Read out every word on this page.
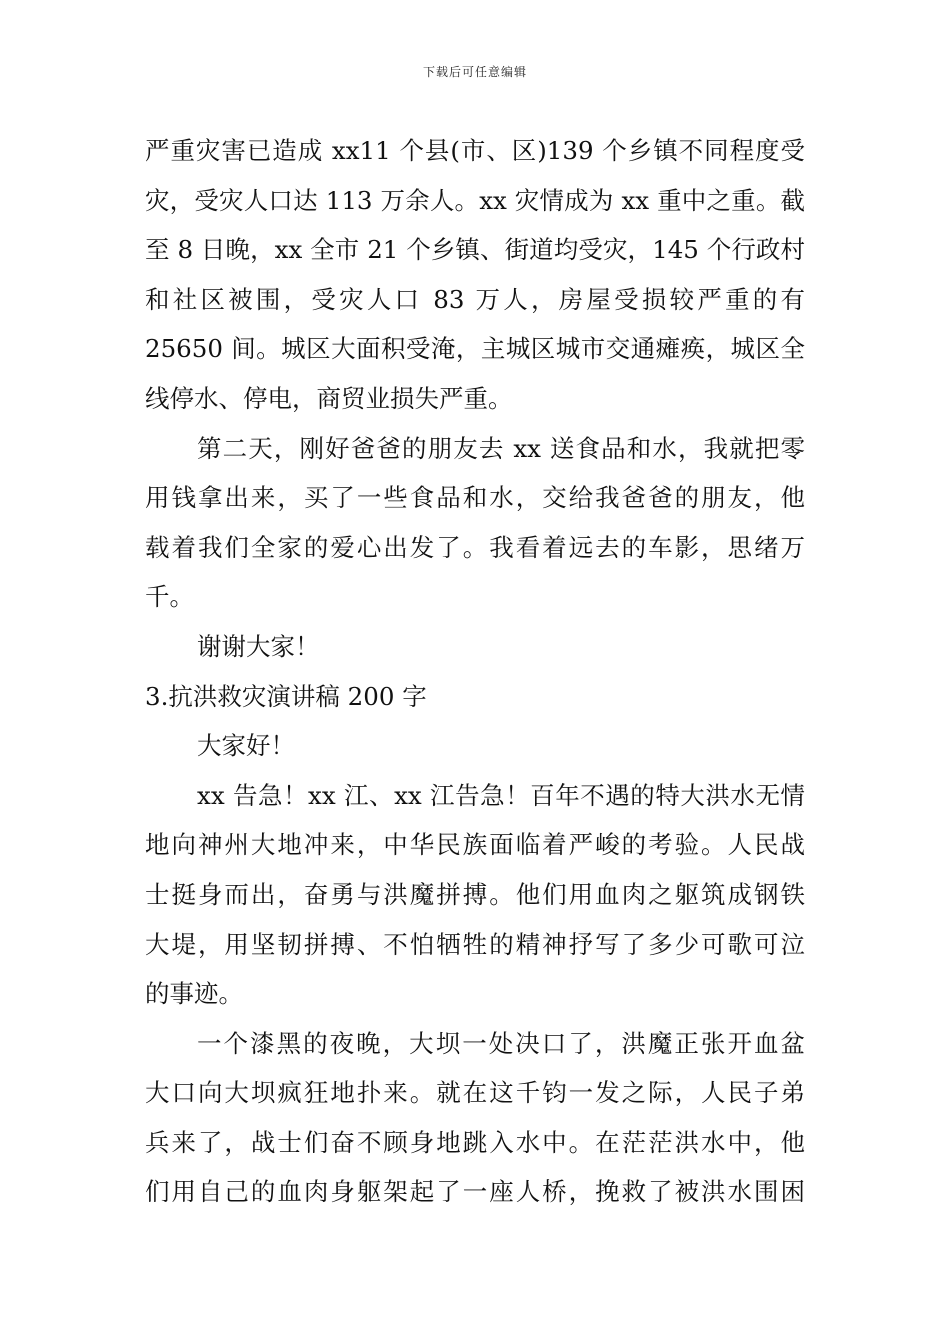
下载后可任意编辑
严重灾害已造成 xx11 个县(市、区)139 个乡镇不同程度受
灾，受灾人口达 113 万余人。xx 灾情成为 xx 重中之重。截
至 8 日晚，xx 全市 21 个乡镇、街道均受灾，145 个行政村
和社区被围，受灾人口 83 万人，房屋受损较严重的有
25650 间。城区大面积受淹，主城区城市交通瘫痪，城区全
线停水、停电，商贸业损失严重。
第二天，刚好爸爸的朋友去 xx 送食品和水，我就把零
用钱拿出来，买了一些食品和水，交给我爸爸的朋友，他
载着我们全家的爱心出发了。我看着远去的车影，思绪万
千。
谢谢大家！
3.抗洪救灾演讲稿 200 字
大家好！
xx 告急！xx 江、xx 江告急！百年不遇的特大洪水无情
地向神州大地冲来，中华民族面临着严峻的考验。人民战
士挺身而出，奋勇与洪魔拼搏。他们用血肉之躯筑成钢铁
大堤，用坚韧拼搏、不怕牺牲的精神抒写了多少可歌可泣
的事迹。
一个漆黑的夜晚，大坝一处决口了，洪魔正张开血盆
大口向大坝疯狂地扑来。就在这千钧一发之际，人民子弟
兵来了，战士们奋不顾身地跳入水中。在茫茫洪水中，他
们用自己的血肉身躯架起了一座人桥，挽救了被洪水围困
